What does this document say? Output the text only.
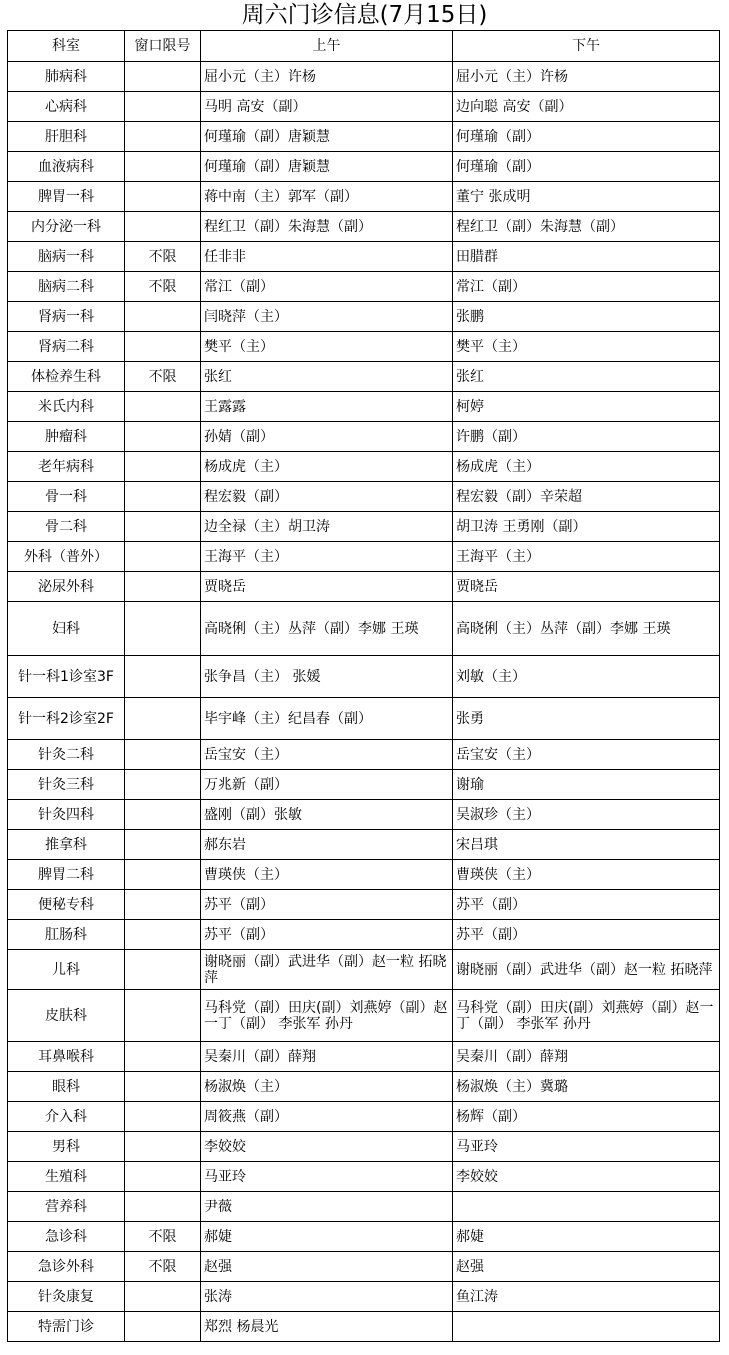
周六门诊信息(7月15日)
科室	窗口限号	上午	下午
肺病科		屈小元（主）许杨	屈小元（主）许杨
心病科		马明 高安（副）	边向聪 高安（副）
肝胆科		何瑾瑜（副）唐颖慧	何瑾瑜（副）
血液病科		何瑾瑜（副）唐颖慧	何瑾瑜（副）
脾胃一科		蒋中南（主）郭军（副）	董宁 张成明
内分泌一科		程红卫（副）朱海慧（副）	程红卫（副）朱海慧（副）
脑病一科	不限	任非非	田腊群
脑病二科	不限	常江（副）	常江（副）
肾病一科		闫晓萍（主）	张鹏
肾病二科		樊平（主）	樊平（主）
体检养生科	不限	张红	张红
米氏内科		王露露	柯婷
肿瘤科		孙婧（副）	许鹏（副）
老年病科		杨成虎（主）	杨成虎（主）
骨一科		程宏毅（副）	程宏毅（副）辛荣超
骨二科		边全禄（主）胡卫涛	胡卫涛 王勇刚（副）
外科（普外）		王海平（主）	王海平（主）
泌尿外科		贾晓岳	贾晓岳
妇科		高晓俐（主）丛萍（副）李娜 王瑛	高晓俐（主）丛萍（副）李娜 王瑛
针一科1诊室3F		张争昌（主） 张媛	刘敏（主）
针一科2诊室2F		毕宇峰（主）纪昌春（副）	张勇
针灸二科		岳宝安（主）	岳宝安（主）
针灸三科		万兆新（副）	谢瑜
针灸四科		盛刚（副）张敏	吴淑珍（主）
推拿科		郝东岩	宋吕琪
脾胃二科		曹瑛侠（主）	曹瑛侠（主）
便秘专科		苏平（副）	苏平（副）
肛肠科		苏平（副）	苏平（副）
儿科		谢晓丽（副）武进华（副）赵一粒 拓晓萍	谢晓丽（副）武进华（副）赵一粒 拓晓萍
皮肤科		马科党（副）田庆(副）刘燕婷（副）赵一丁（副） 李张军 孙丹	马科党（副）田庆(副）刘燕婷（副）赵一丁（副） 李张军 孙丹
耳鼻喉科		吴秦川（副）薛翔	吴秦川（副）薛翔
眼科		杨淑焕（主）	杨淑焕（主）冀璐
介入科		周筱燕（副）	杨辉（副）
男科		李姣姣	马亚玲
生殖科		马亚玲	李姣姣
营养科		尹薇	
急诊科	不限	郝婕	郝婕
急诊外科	不限	赵强	赵强
针灸康复		张涛	鱼江涛
特需门诊		郑烈 杨晨光	
